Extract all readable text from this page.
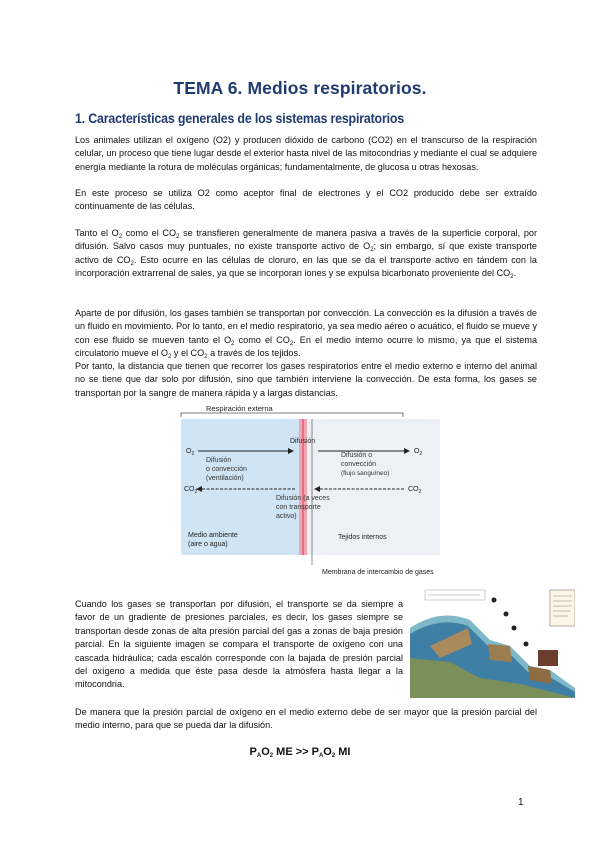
TEMA 6. Medios respiratorios.
1. Características generales de los sistemas respiratorios

Los animales utilizan el oxígeno (O2) y producen dióxido de carbono (CO2) en el transcurso de la respiración celular, un proceso que tiene lugar desde el exterior hasta nivel de las mitocondrias y mediante el cual se adquiere energía mediante la rotura de moléculas orgánicas; fundamentalmente, de glucosa u otras hexosas.

En este proceso se utiliza O2 como aceptor final de electrones y el CO2 producido debe ser extraído continuamente de las células.

Tanto el $O_2$ como el $CO_2$ se transfieren generalmente de manera pasiva a través de la superficie corporal, por difusión. Salvo casos muy puntuales, no existe transporte activo de $O_2$; sin embargo, sí que existe transporte activo de $CO_2$. Esto ocurre en las células de cloruro, en las que se da el transporte activo en tándem con la incorporación extrarrenal de sales, ya que se incorporan iones y se expulsa bicarbonato proveniente del $CO_2$.

Aparte de por difusión, los gases también se transportan por convección. La convección es la difusión a través de un fluido en movimiento. Por lo tanto, en el medio respiratorio, ya sea medio aéreo o acuático, el fluido se mueve y con ese fluido se mueven tanto el $O_2$ como el $CO_2$. En el medio interno ocurre lo mismo, ya que el sistema circulatorio mueve el $O_2$ y el $CO_2$ a través de los tejidos.

Por tanto, la distancia que tienen que recorrer los gases respiratorios entre el medio externo e interno del animal no se tiene que dar solo por difusión, sino que también interviene la convección. De esta forma, los gases se transportan por la sangre de manera rápida y a largas distancias.

Respiración externa
$O_2$	$O_2$
Difusión
Difusión
o convección
(ventilación)
Difusión o
convección
(flujo sanguíneo)
$CO_2$	$CO_2$
Difusión (a veces
con transporte
activo)
Medio ambiente
(aire o agua)
Tejidos internos
Membrana de intercambio de gases

Cuando los gases se transportan por difusión, el transporte se da siempre a favor de un gradiente de presiones parciales, es decir, los gases siempre se transportan desde zonas de alta presión parcial del gas a zonas de baja presión parcial. En la siguiente imagen se compara el transporte de oxígeno con una cascada hidráulica; cada escalón corresponde con la bajada de presión parcial del oxígeno a medida que éste pasa desde la atmósfera hasta llegar a la mitocondria.

De manera que la presión parcial de oxígeno en el medio externo debe de ser mayor que la presión parcial del medio interno, para que se pueda dar la difusión.

$P_AO_2$ ME >> $P_AO_2$ MI

1
